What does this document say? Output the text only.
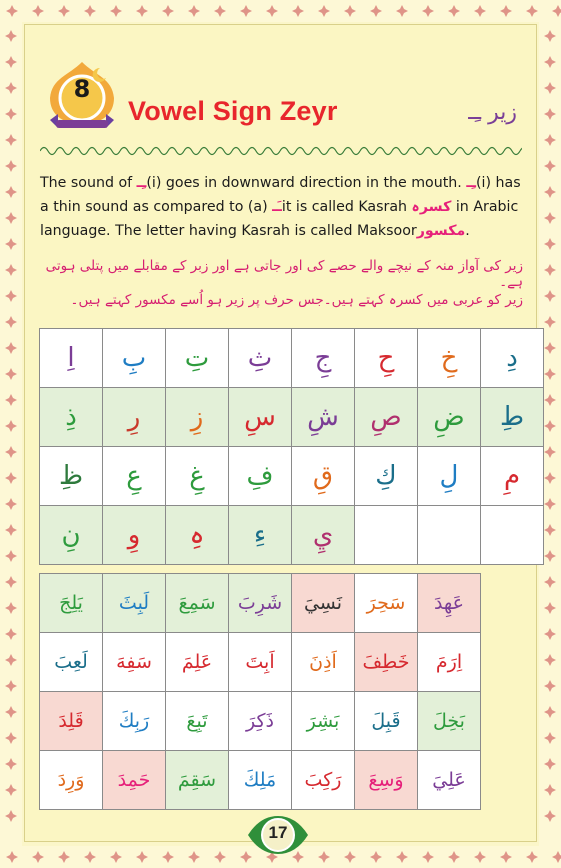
8
Vowel Sign Zeyr	زیر ـِـ
The sound of ـِـ(i) goes in downward direction in the mouth. ـِـ(i) has a thin sound as compared to (a) ـَـit is called Kasrah کسرہ in Arabic language. The letter having Kasrah is called Maksoorمکسور.
زیر کی آواز منہ کے نیچے والے حصے کی اور جاتی ہے اور زبر کے مقابلے میں پتلی ہوتی ہے۔
زیر کو عربی میں کسرہ کہتے ہیں۔جس حرف پر زیر ہو اُسے مکسور کہتے ہیں۔
اِ	بِ	تِ	ثِ	جِ	حِ	خِ	دِ
ذِ	رِ	زِ	سِ	شِ	صِ	ضِ	طِ
ظِ	عِ	غِ	فِ	قِ	كِ	لِ	مِ
نِ	وِ	ہِ	ءِ	يِ			
يَلِجَ	لَبِثَ	سَمِعَ	شَرِبَ	نَسِيَ	سَحِرَ	عَهِدَ
لَعِبَ	سَفِهَ	عَلِمَ	اَبِتَ	اَذِنَ	خَطِفَ	اِرَمَ
قَلِدَ	رَبِكَ	تَبِعَ	ذَكِرَ	بَشِرَ	قَبِلَ	بَخِلَ
وَرِدَ	حَمِدَ	سَقِمَ	مَلِكَ	رَكِبَ	وَسِعَ	عَلِيَ
17
